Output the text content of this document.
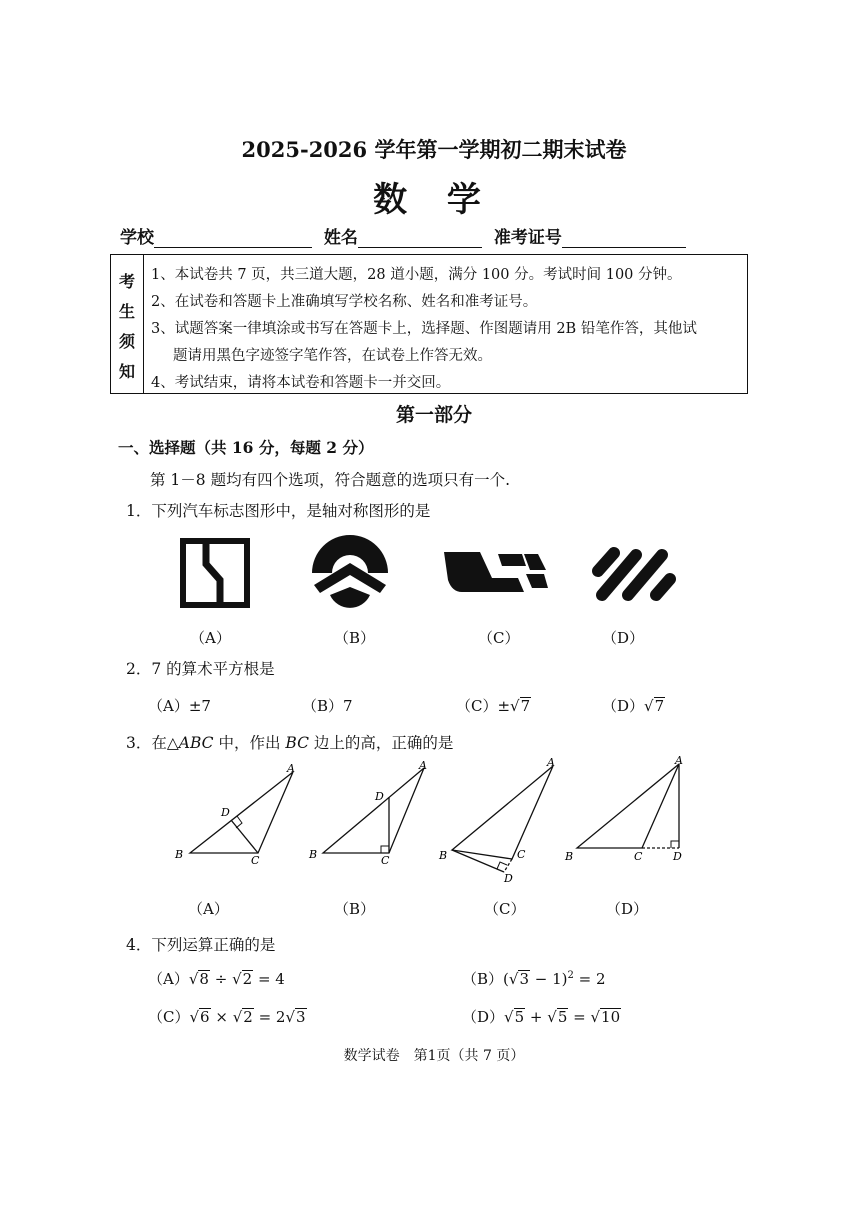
2025-2026 学年第一学期初二期末试卷
数 学
学校	姓名	准考证号
考
生
须
知
1、本试卷共 7 页，共三道大题，28 道小题，满分 100 分。考试时间 100 分钟。
2、在试卷和答题卡上准确填写学校名称、姓名和准考证号。
3、试题答案一律填涂或书写在答题卡上，选择题、作图题请用 2B 铅笔作答，其他试
题请用黑色字迹签字笔作答，在试卷上作答无效。
4、考试结束，请将本试卷和答题卡一并交回。
第一部分
一、选择题（共 16 分，每题 2 分）
第 1－8 题均有四个选项，符合题意的选项只有一个.
1．下列汽车标志图形中，是轴对称图形的是
（A）	（B）	（C）	（D）
2．7 的算术平方根是
（A）±7	（B）7	（C）±√7	（D）√7
3．在△ABC 中，作出 BC 边上的高，正确的是
A
B	C
D
A
B	C
D
A
B	C
D
A
B	C	D
（A）	（B）	（C）	（D）
4．下列运算正确的是
（A）√8 ÷ √2 = 4	$(B)(√3 - 1)^2 = 2$
（C）√6 × √2 = 2√3	（D）√5 + √5 = √10
数学试卷　第1页（共 7 页）
